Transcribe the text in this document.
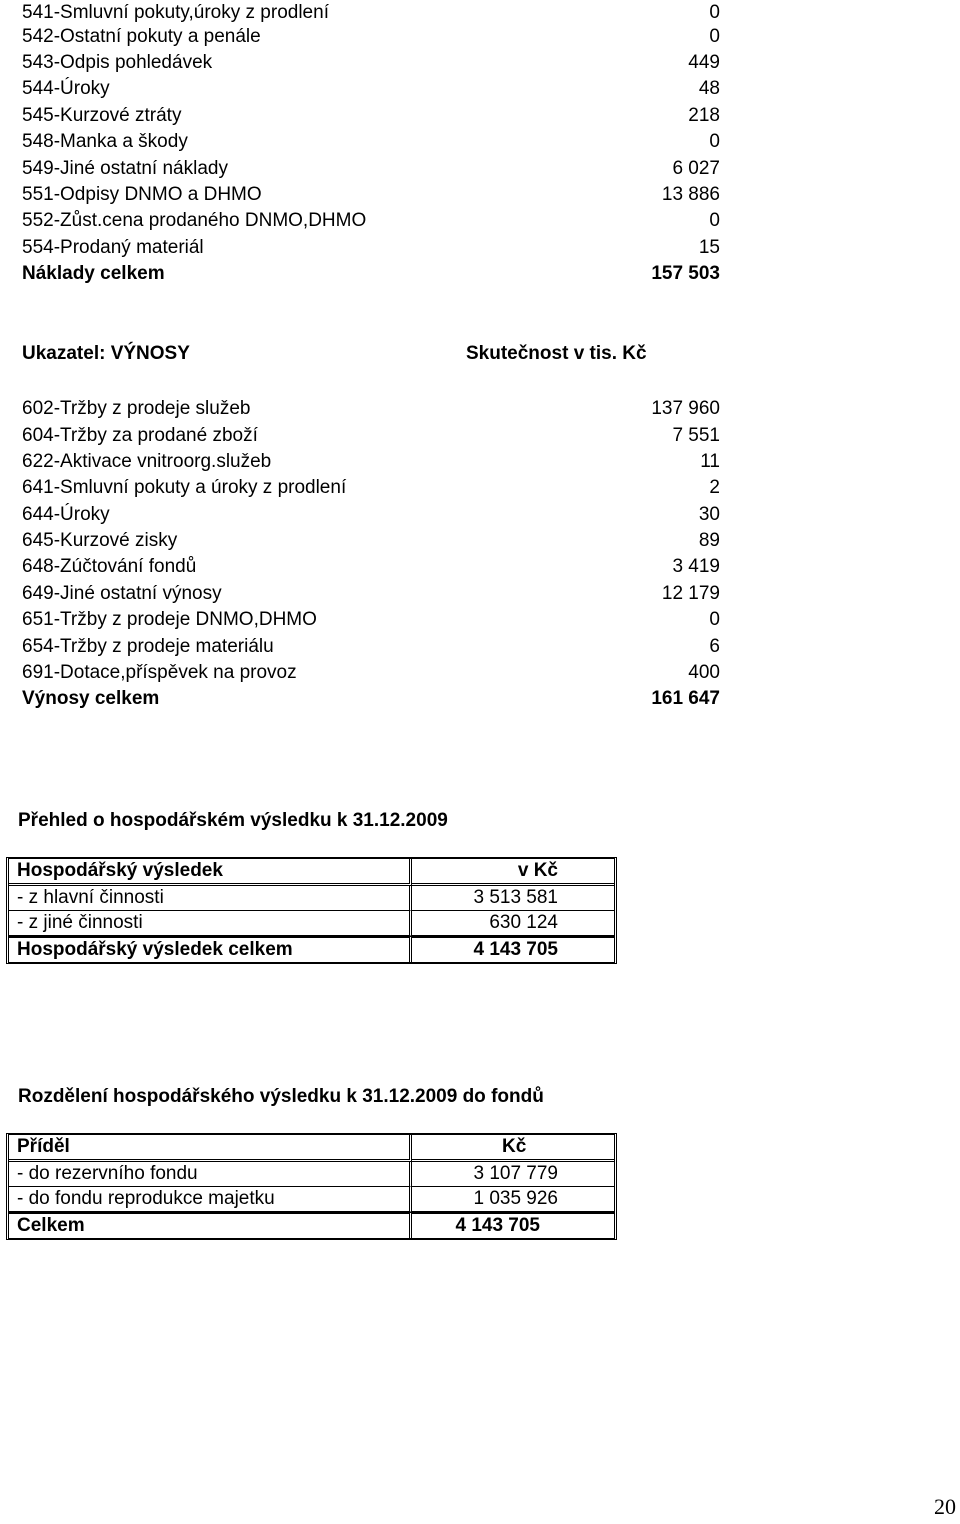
541-Smluvní pokuty,úroky z prodlení	0
542-Ostatní pokuty a penále	0
543-Odpis pohledávek	449
544-Úroky	48
545-Kurzové ztráty	218
548-Manka a škody	0
549-Jiné ostatní náklady	6 027
551-Odpisy DNMO a DHMO	13 886
552-Zůst.cena prodaného DNMO,DHMO	0
554-Prodaný materiál	15
Náklady celkem	157 503
Ukazatel: VÝNOSY	Skutečnost v tis. Kč
602-Tržby z prodeje služeb	137 960
604-Tržby za prodané zboží	7 551
622-Aktivace vnitroorg.služeb	11
641-Smluvní pokuty a úroky z prodlení	2
644-Úroky	30
645-Kurzové zisky	89
648-Zúčtování fondů	3 419
649-Jiné ostatní výnosy	12 179
651-Tržby z prodeje DNMO,DHMO	0
654-Tržby z prodeje materiálu	6
691-Dotace,příspěvek na provoz	400
Výnosy celkem	161 647
Přehled o hospodářském výsledku k 31.12.2009
Hospodářský výsledek	v Kč
- z hlavní činnosti	3 513 581
- z jiné činnosti	630 124
Hospodářský výsledek celkem	4 143 705
Rozdělení hospodářského výsledku k 31.12.2009 do fondů
Příděl	Kč
- do rezervního fondu	3 107 779
- do fondu reprodukce majetku	1 035 926
Celkem	4 143 705
20
